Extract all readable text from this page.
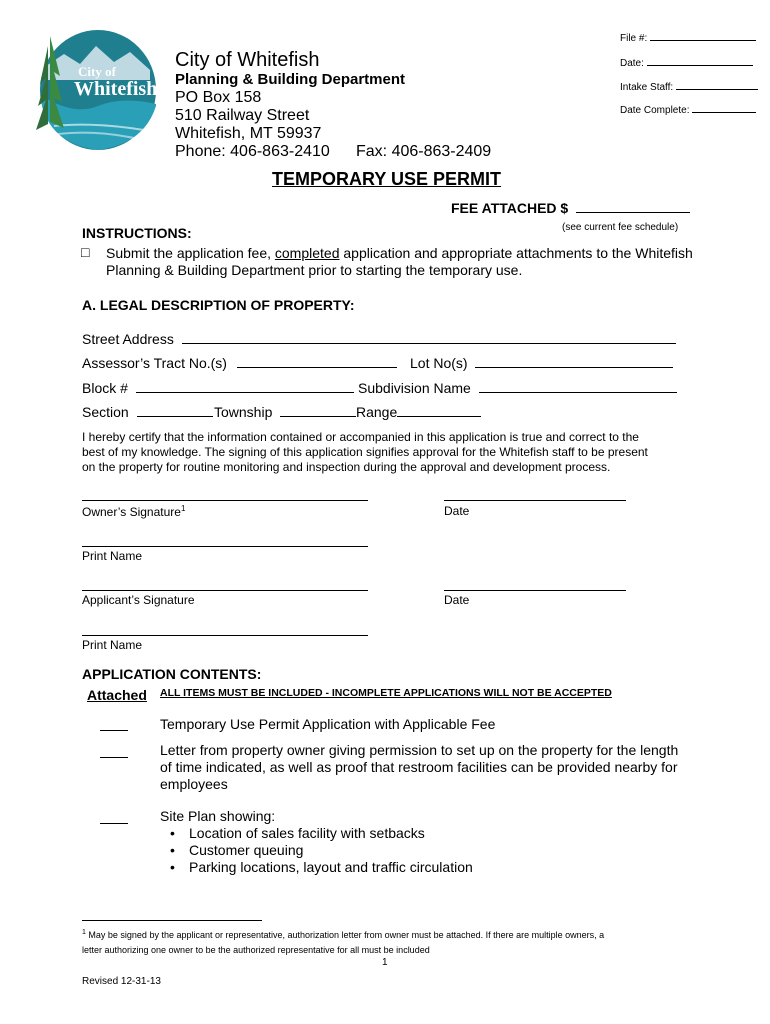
City of
Whitefish
File #:
Date:
Intake Staff:
Date Complete:
City of Whitefish
Planning & Building Department
PO Box 158
510 Railway Street
Whitefish, MT 59937
Phone: 406-863-2410 Fax: 406-863-2409
TEMPORARY USE PERMIT
FEE ATTACHED $
(see current fee schedule)
INSTRUCTIONS:
□ Submit the application fee, completed application and appropriate attachments to the Whitefish
Planning & Building Department prior to starting the temporary use.
A. LEGAL DESCRIPTION OF PROPERTY:
Street Address
Assessor’s Tract No.(s)	Lot No(s)
Block #	Subdivision Name
Section	Township	Range
I hereby certify that the information contained or accompanied in this application is true and correct to the
best of my knowledge. The signing of this application signifies approval for the Whitefish staff to be present
on the property for routine monitoring and inspection during the approval and development process.
Owner’s Signature$^1$	Date
Print Name
Applicant’s Signature	Date
Print Name
APPLICATION CONTENTS:
Attached ALL ITEMS MUST BE INCLUDED - INCOMPLETE APPLICATIONS WILL NOT BE ACCEPTED
Temporary Use Permit Application with Applicable Fee
Letter from property owner giving permission to set up on the property for the length
of time indicated, as well as proof that restroom facilities can be provided nearby for
employees
Site Plan showing:
• Location of sales facility with setbacks
• Customer queuing
• Parking locations, layout and traffic circulation
$^1$ May be signed by the applicant or representative, authorization letter from owner must be attached. If there are multiple owners, a
letter authorizing one owner to be the authorized representative for all must be included
1
Revised 12-31-13
